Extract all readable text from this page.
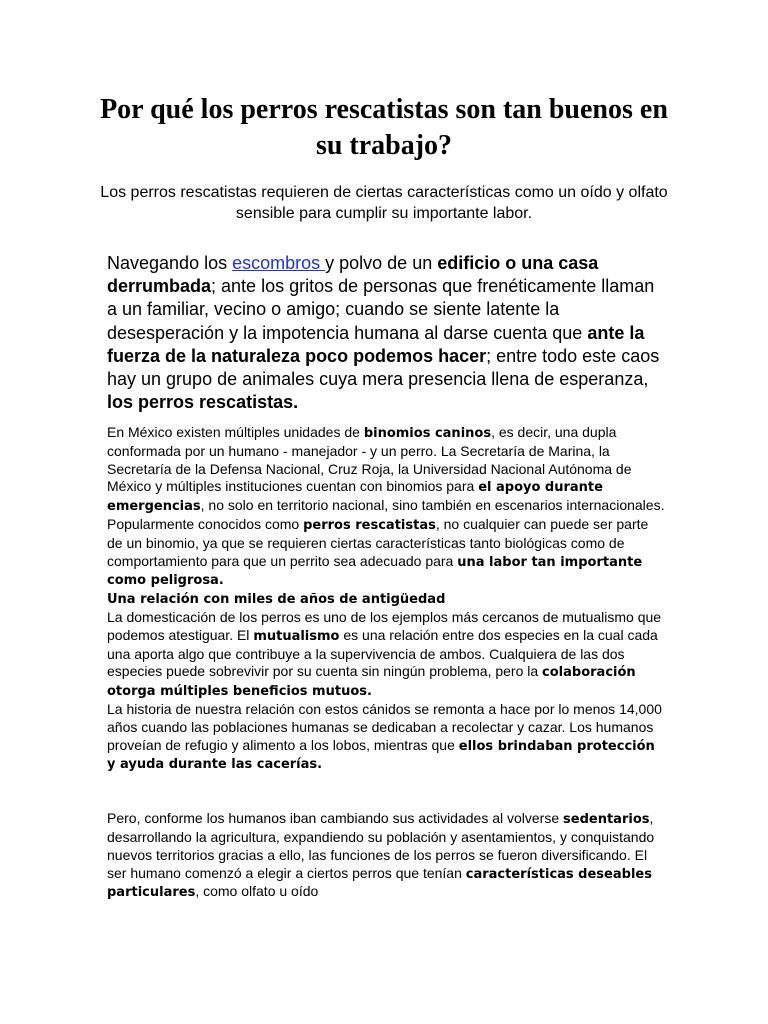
Por qué los perros rescatistas son tan buenos en su trabajo?

Los perros rescatistas requieren de ciertas características como un oído y olfato sensible para cumplir su importante labor.

Navegando los escombros y polvo de un edificio o una casa derrumbada; ante los gritos de personas que frenéticamente llaman a un familiar, vecino o amigo; cuando se siente latente la desesperación y la impotencia humana al darse cuenta que ante la fuerza de la naturaleza poco podemos hacer; entre todo este caos hay un grupo de animales cuya mera presencia llena de esperanza, los perros rescatistas.

En México existen múltiples unidades de binomios caninos, es decir, una dupla conformada por un humano - manejador - y un perro. La Secretaría de Marina, la Secretaría de la Defensa Nacional, Cruz Roja, la Universidad Nacional Autónoma de México y múltiples instituciones cuentan con binomios para el apoyo durante emergencias, no solo en territorio nacional, sino también en escenarios internacionales.

Popularmente conocidos como perros rescatistas, no cualquier can puede ser parte de un binomio, ya que se requieren ciertas características tanto biológicas como de comportamiento para que un perrito sea adecuado para una labor tan importante como peligrosa.

Una relación con miles de años de antigüedad

La domesticación de los perros es uno de los ejemplos más cercanos de mutualismo que podemos atestiguar. El mutualismo es una relación entre dos especies en la cual cada una aporta algo que contribuye a la supervivencia de ambos. Cualquiera de las dos especies puede sobrevivir por su cuenta sin ningún problema, pero la colaboración otorga múltiples beneficios mutuos.

La historia de nuestra relación con estos cánidos se remonta a hace por lo menos 14,000 años cuando las poblaciones humanas se dedicaban a recolectar y cazar. Los humanos proveían de refugio y alimento a los lobos, mientras que ellos brindaban protección y ayuda durante las cacerías.

Pero, conforme los humanos iban cambiando sus actividades al volverse sedentarios, desarrollando la agricultura, expandiendo su población y asentamientos, y conquistando nuevos territorios gracias a ello, las funciones de los perros se fueron diversificando. El ser humano comenzó a elegir a ciertos perros que tenían características deseables particulares, como olfato u oído
